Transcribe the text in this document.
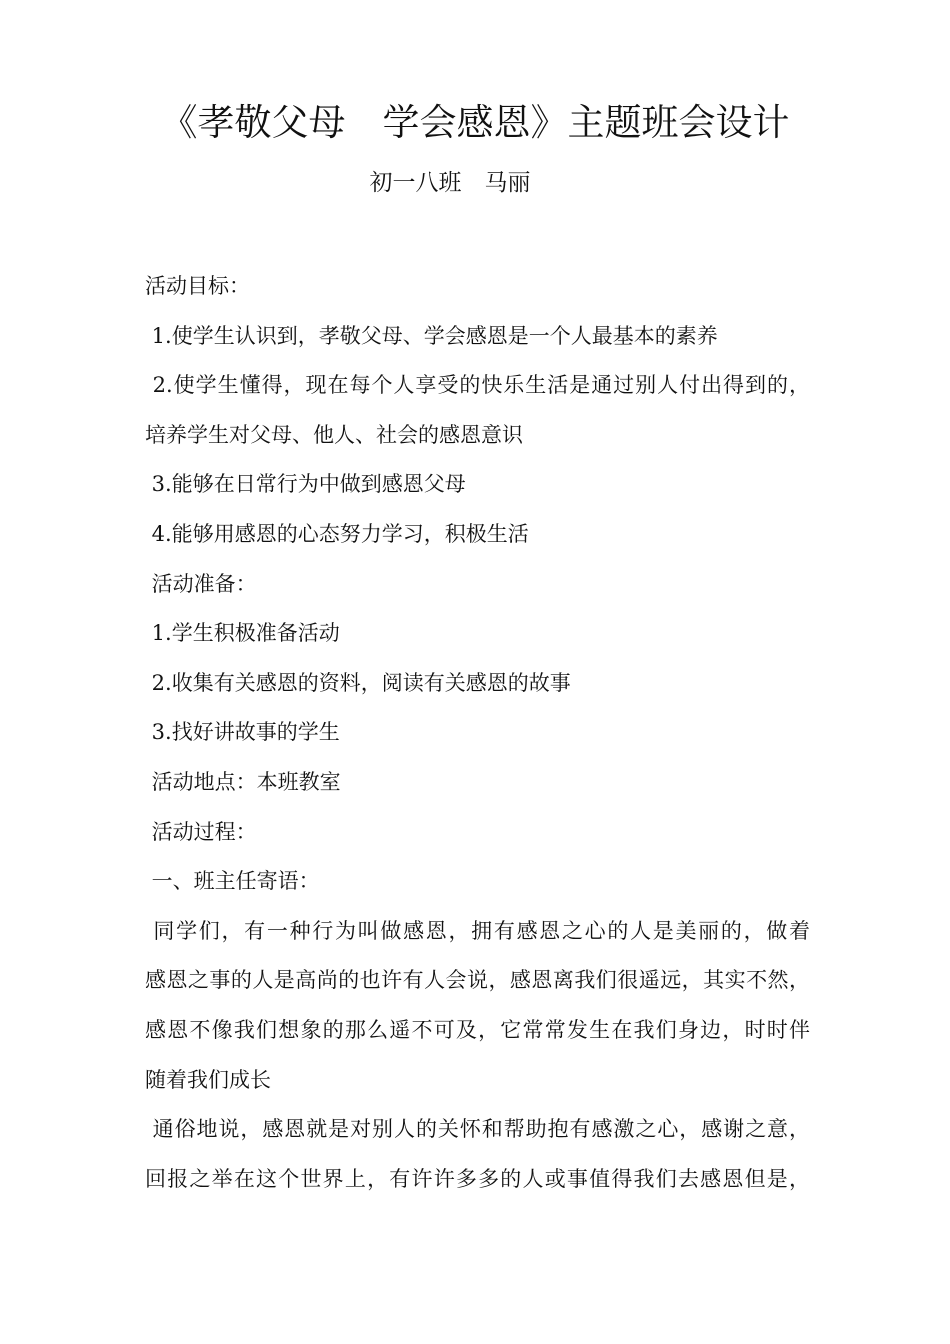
《孝敬父母　学会感恩》主题班会设计
初一八班　马丽
活动目标：
1.使学生认识到，孝敬父母、学会感恩是一个人最基本的素养
2.使学生懂得，现在每个人享受的快乐生活是通过别人付出得到的，
培养学生对父母、他人、社会的感恩意识
3.能够在日常行为中做到感恩父母
4.能够用感恩的心态努力学习，积极生活
活动准备：
1.学生积极准备活动
2.收集有关感恩的资料，阅读有关感恩的故事
3.找好讲故事的学生
活动地点：本班教室
活动过程：
一、班主任寄语：
同学们，有一种行为叫做感恩，拥有感恩之心的人是美丽的，做着
感恩之事的人是高尚的也许有人会说，感恩离我们很遥远，其实不然，
感恩不像我们想象的那么遥不可及，它常常发生在我们身边，时时伴
随着我们成长
通俗地说，感恩就是对别人的关怀和帮助抱有感激之心，感谢之意，
回报之举在这个世界上，有许许多多的人或事值得我们去感恩但是，
